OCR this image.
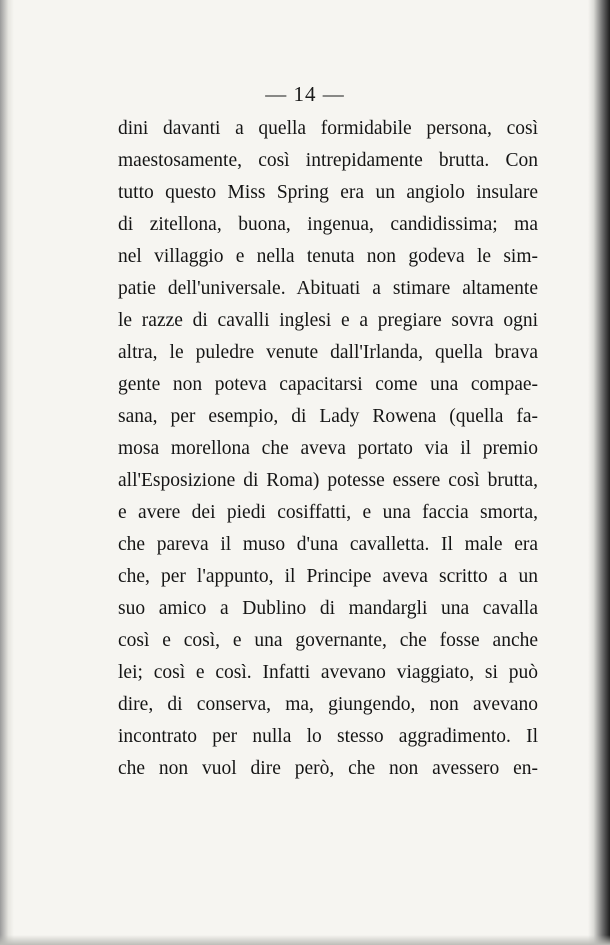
— 14 —
dini davanti a quella formidabile persona, così
maestosamente, così intrepidamente brutta. Con
tutto questo Miss Spring era un angiolo insulare
di zitellona, buona, ingenua, candidissima; ma
nel villaggio e nella tenuta non godeva le sim-
patie dell'universale. Abituati a stimare altamente
le razze di cavalli inglesi e a pregiare sovra ogni
altra, le puledre venute dall'Irlanda, quella brava
gente non poteva capacitarsi come una compae-
sana, per esempio, di Lady Rowena (quella fa-
mosa morellona che aveva portato via il premio
all'Esposizione di Roma) potesse essere così brutta,
e avere dei piedi cosiffatti, e una faccia smorta,
che pareva il muso d'una cavalletta. Il male era
che, per l'appunto, il Principe aveva scritto a un
suo amico a Dublino di mandargli una cavalla
così e così, e una governante, che fosse anche
lei; così e così. Infatti avevano viaggiato, si può
dire, di conserva, ma, giungendo, non avevano
incontrato per nulla lo stesso aggradimento. Il
che non vuol dire però, che non avessero en-
